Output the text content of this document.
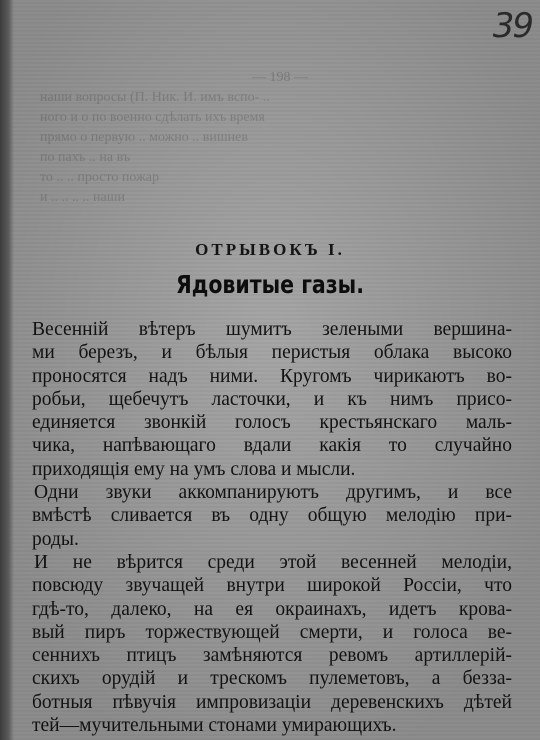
39
— 198 —
наши вопросы (П. Ник. И. имъ вспо- ..
ного и о по военно сдѣлать ихъ время
прямо о первую .. можно .. вишнев
по пахъ .. на въ
то .. .. просто пожар
и .. .. .. .. наши
ОТРЫВОКЪ I.
Ядовитые газы.
Весенній вѣтеръ шумитъ зелеными вершина-
ми березъ, и бѣлыя перистыя облака высоко
проносятся надъ ними. Кругомъ чирикаютъ во-
робьи, щебечутъ ласточки, и къ нимъ присо-
единяется звонкій голосъ крестьянскаго маль-
чика, напѣвающаго вдали какія то случайно
приходящія ему на умъ слова и мысли.
Одни звуки аккомпанируютъ другимъ, и все
вмѣстѣ сливается въ одну общую мелодію при-
роды.
И не вѣрится среди этой весенней мелодіи,
повсюду звучащей внутри широкой Россіи, что
гдѣ-то, далеко, на ея окраинахъ, идетъ крова-
вый пиръ торжествующей смерти, и голоса ве-
сеннихъ птицъ замѣняются ревомъ артиллерій-
скихъ орудій и трескомъ пулеметовъ, а безза-
ботныя пѣвучія импровизаціи деревенскихъ дѣтей
тей—мучительными стонами умирающихъ.
